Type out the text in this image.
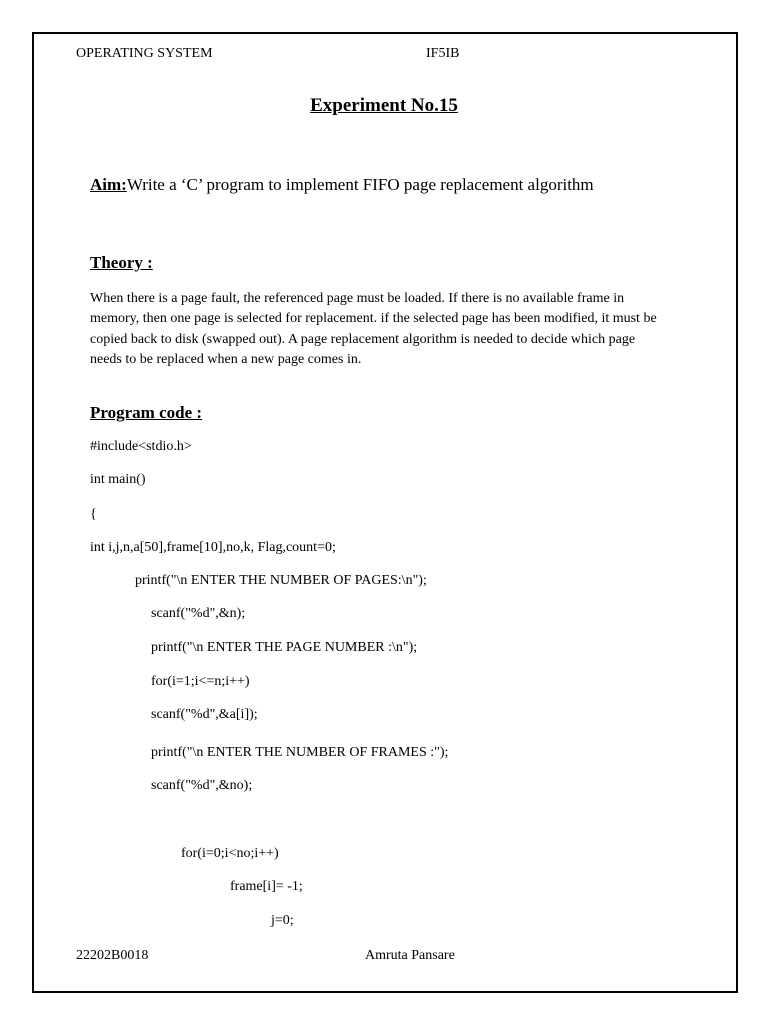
OPERATING SYSTEM	IF5IB
Experiment No.15
Aim:Write a ‘C’ program to implement FIFO page replacement algorithm
Theory :
When there is a page fault, the referenced page must be loaded. If there is no available frame in memory, then one page is selected for replacement. if the selected page has been modified, it must be copied back to disk (swapped out). A page replacement algorithm is needed to decide which page needs to be replaced when a new page comes in.
Program code :
#include<stdio.h>
int main()
{
int i,j,n,a[50],frame[10],no,k, Flag,count=0;
printf("\n ENTER THE NUMBER OF PAGES:\n");
scanf("%d",&n);
printf("\n ENTER THE PAGE NUMBER :\n");
for(i=1;i<=n;i++)
scanf("%d",&a[i]);
printf("\n ENTER THE NUMBER OF FRAMES :");
scanf("%d",&no);
for(i=0;i<no;i++)
frame[i]= -1;
j=0;
22202B0018	Amruta Pansare
